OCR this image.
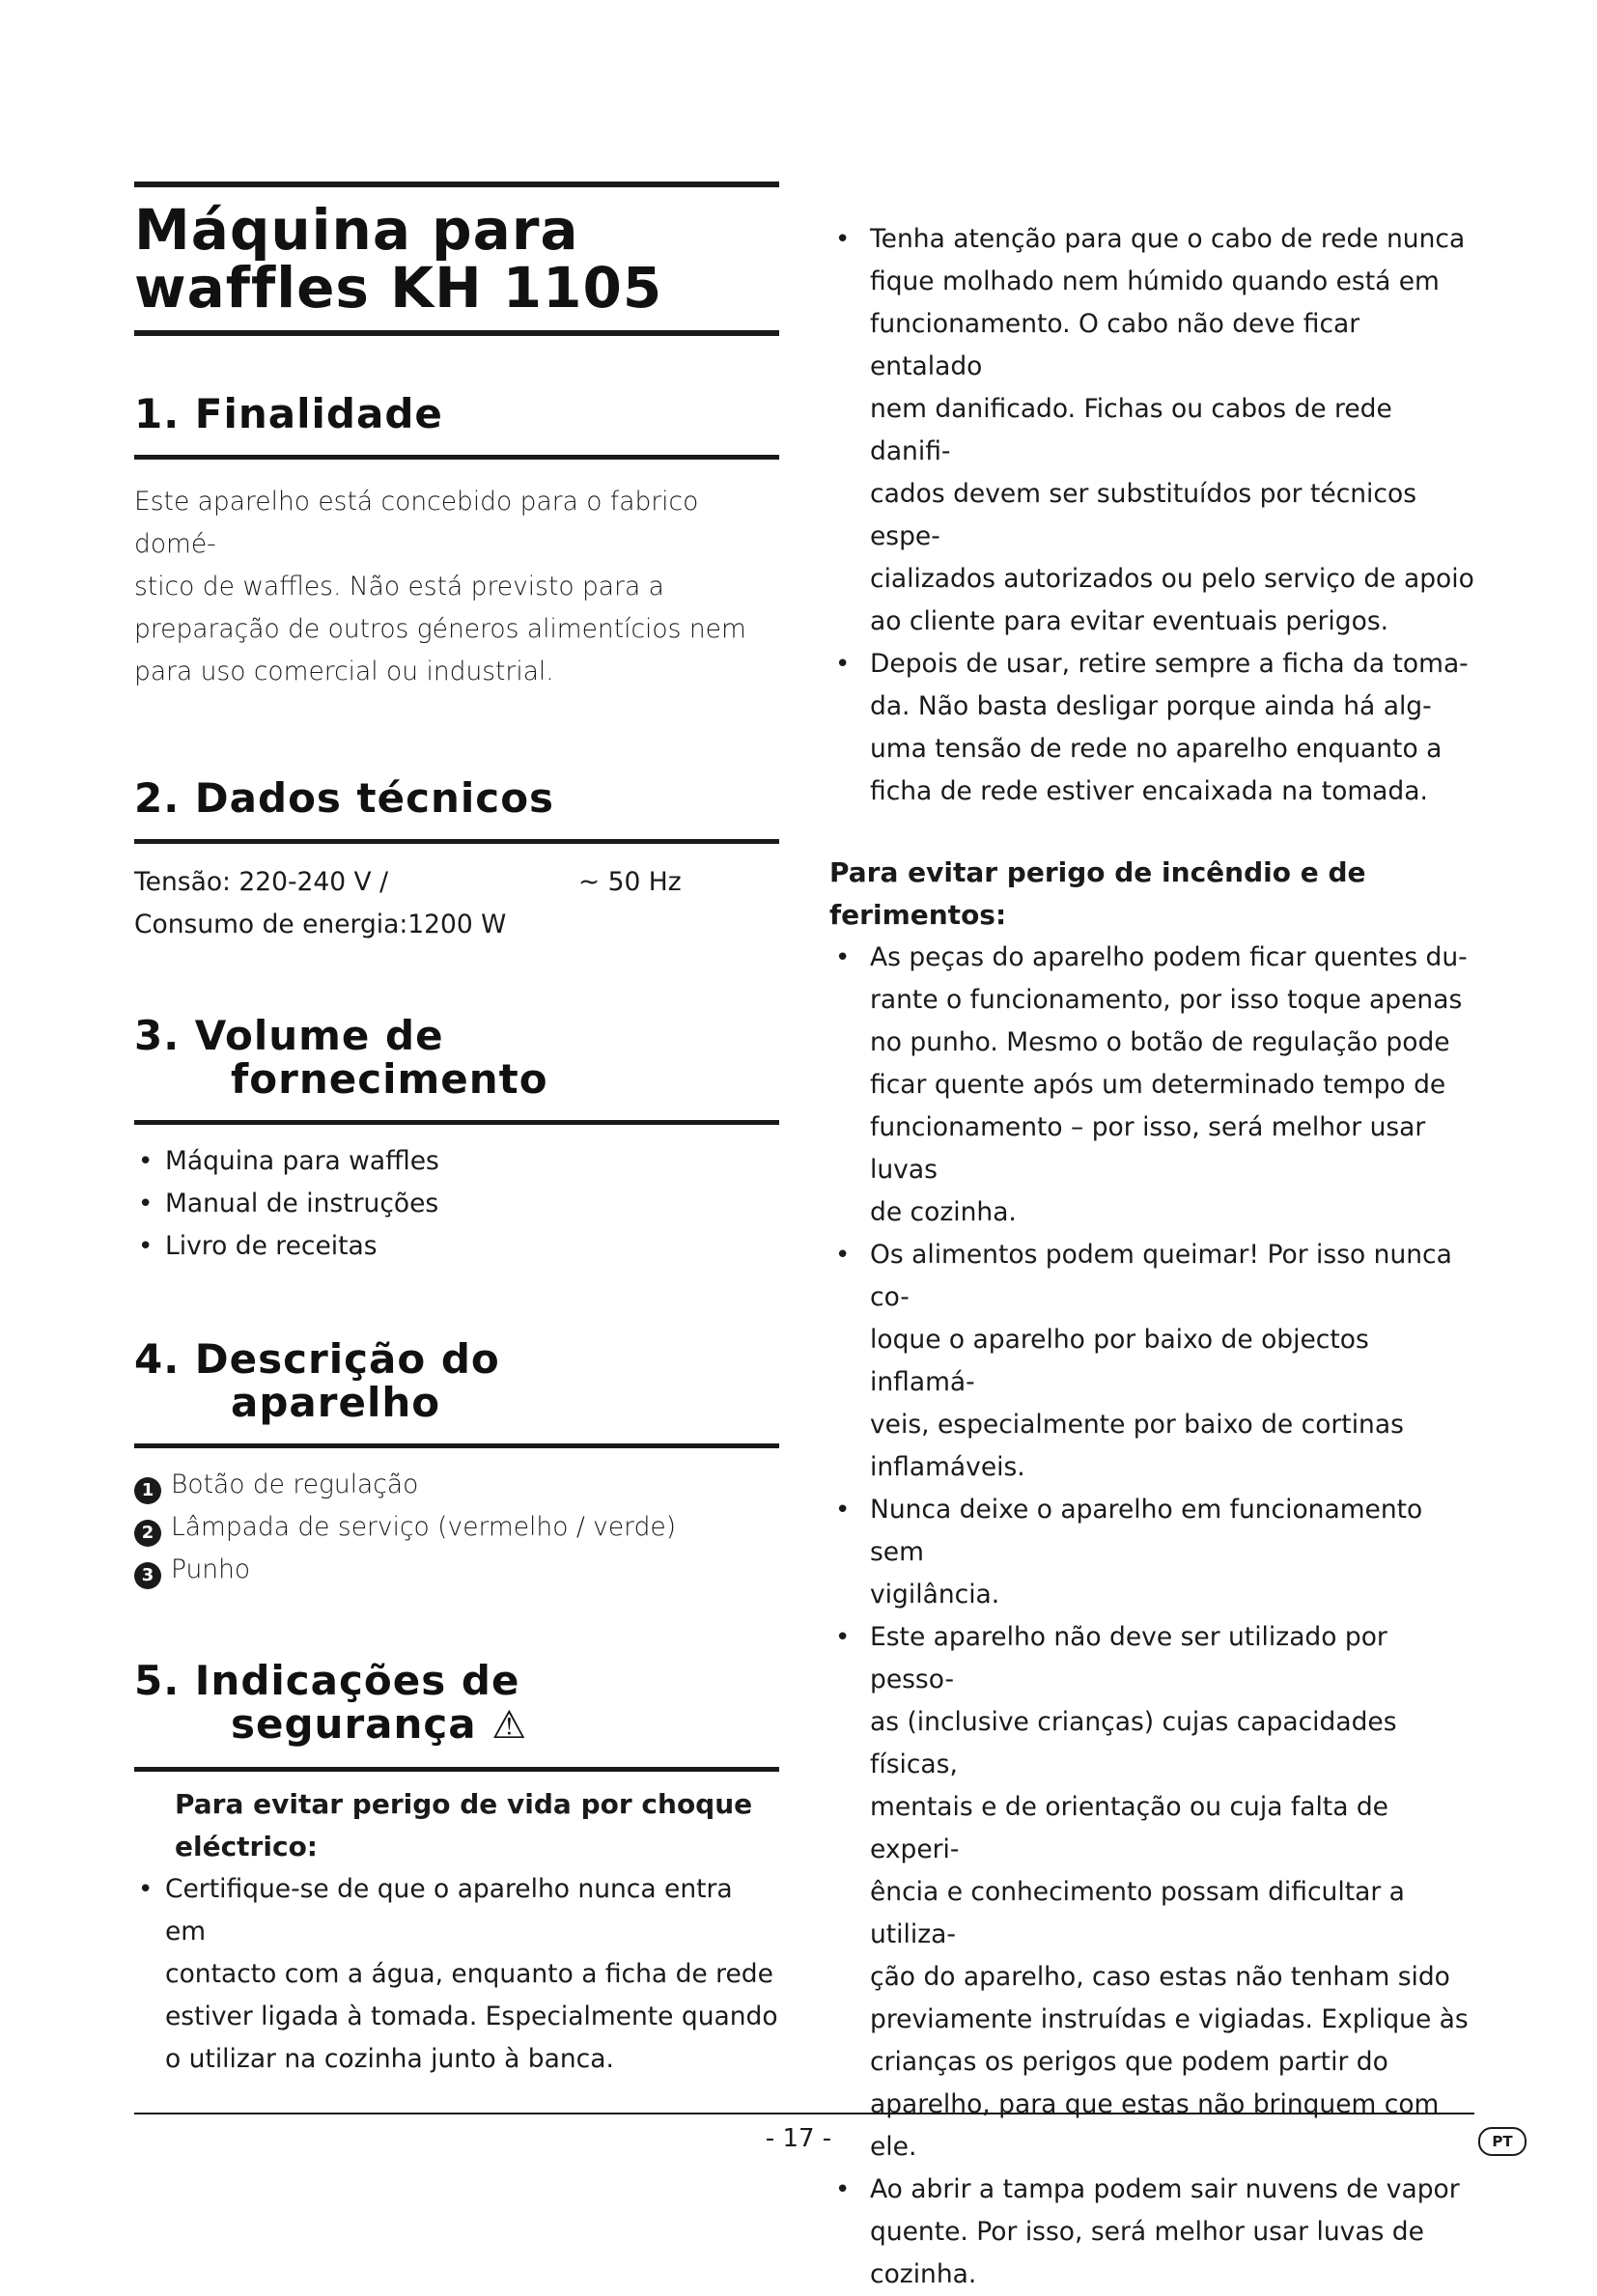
Máquina para
waffles KH 1105
1. Finalidade
Este aparelho está concebido para o fabrico domé-
stico de waffles. Não está previsto para a
preparação de outros géneros alimentícios nem
para uso comercial ou industrial.
2. Dados técnicos
Tensão: 220-240 V /	~ 50 Hz
Consumo de energia:1200 W
3. Volume de
fornecimento
• Máquina para waffles
• Manual de instruções
• Livro de receitas
4. Descrição do
aparelho
1 Botão de regulação
2 Lâmpada de serviço (vermelho / verde)
3 Punho
5. Indicações de
segurança ⚠
Para evitar perigo de vida por choque
eléctrico:
• Certifique-se de que o aparelho nunca entra em
contacto com a água, enquanto a ficha de rede
estiver ligada à tomada. Especialmente quando
o utilizar na cozinha junto à banca.
• Tenha atenção para que o cabo de rede nunca
fique molhado nem húmido quando está em
funcionamento. O cabo não deve ficar entalado
nem danificado. Fichas ou cabos de rede danifi-
cados devem ser substituídos por técnicos espe-
cializados autorizados ou pelo serviço de apoio
ao cliente para evitar eventuais perigos.
• Depois de usar, retire sempre a ficha da toma-
da. Não basta desligar porque ainda há alg-
uma tensão de rede no aparelho enquanto a
ficha de rede estiver encaixada na tomada.
Para evitar perigo de incêndio e de
ferimentos:
• As peças do aparelho podem ficar quentes du-
rante o funcionamento, por isso toque apenas
no punho. Mesmo o botão de regulação pode
ficar quente após um determinado tempo de
funcionamento – por isso, será melhor usar luvas
de cozinha.
• Os alimentos podem queimar! Por isso nunca co-
loque o aparelho por baixo de objectos inflamá-
veis, especialmente por baixo de cortinas
inflamáveis.
• Nunca deixe o aparelho em funcionamento sem
vigilância.
• Este aparelho não deve ser utilizado por pesso-
as (inclusive crianças) cujas capacidades físicas,
mentais e de orientação ou cuja falta de experi-
ência e conhecimento possam dificultar a utiliza-
ção do aparelho, caso estas não tenham sido
previamente instruídas e vigiadas. Explique às
crianças os perigos que podem partir do
aparelho, para que estas não brinquem com
ele.
• Ao abrir a tampa podem sair nuvens de vapor
quente. Por isso, será melhor usar luvas de
cozinha.
- 17 -	PT
